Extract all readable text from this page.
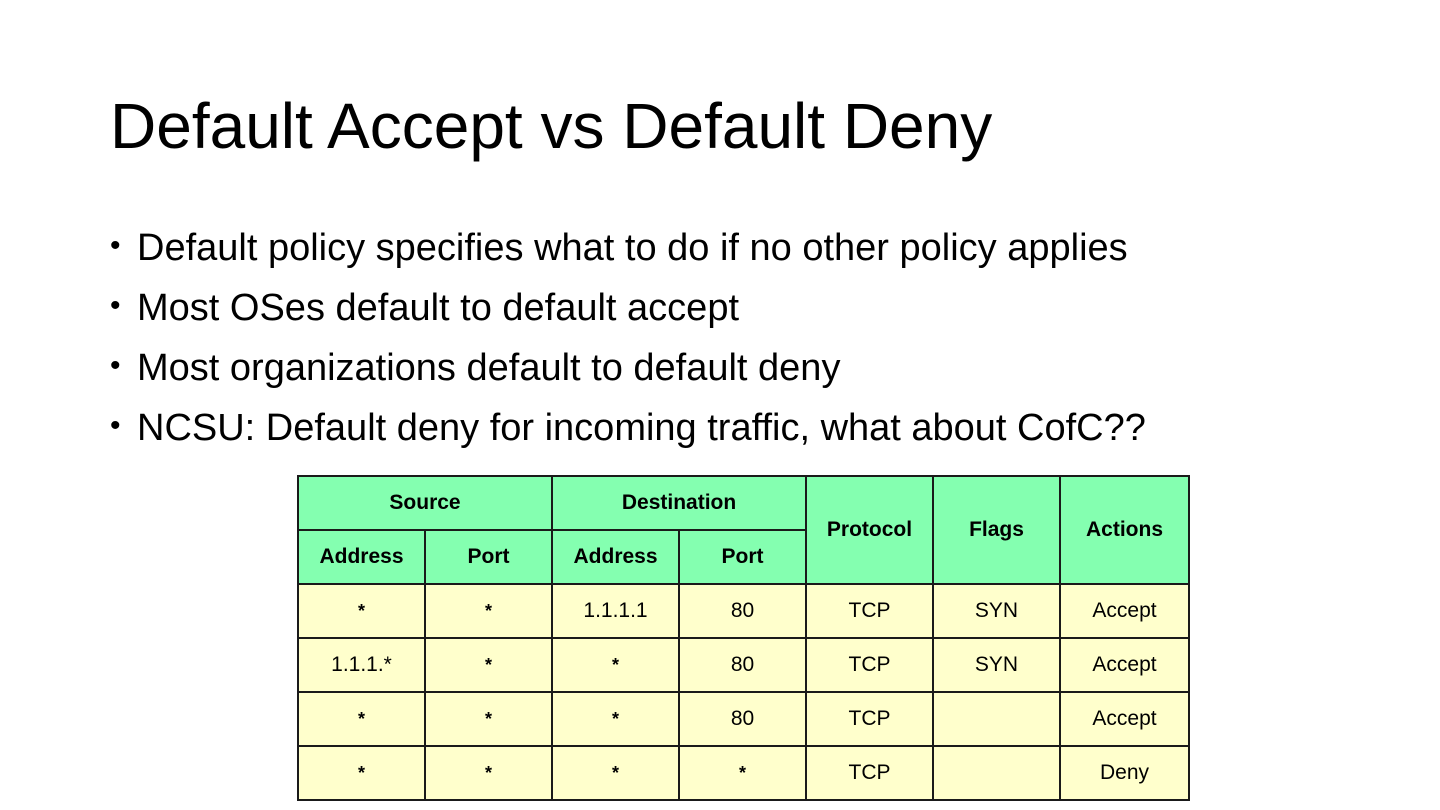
Default Accept vs Default Deny
• Default policy specifies what to do if no other policy applies
• Most OSes default to default accept
• Most organizations default to default deny
• NCSU: Default deny for incoming traffic, what about CofC??
Source		Destination		Protocol	Flags	Actions
Address	Port	Address	Port			
*	*	1.1.1.1	80	TCP	SYN	Accept
1.1.1.*	*	*	80	TCP	SYN	Accept
*	*	*	80	TCP		Accept
*	*	*	*	TCP		Deny
